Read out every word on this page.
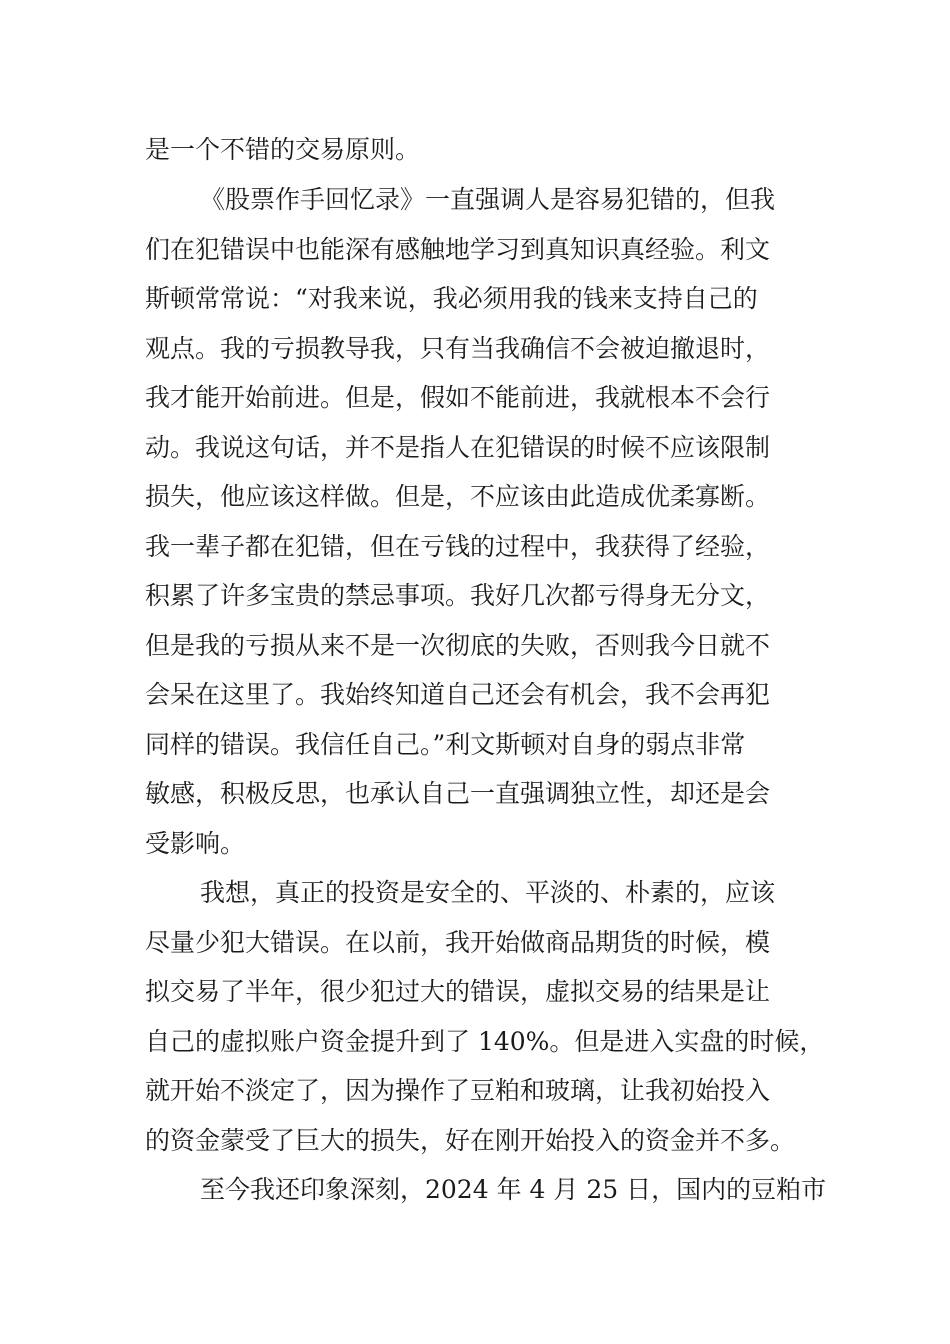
是一个不错的交易原则。
《股票作手回忆录》一直强调人是容易犯错的，但我
们在犯错误中也能深有感触地学习到真知识真经验。利文
斯顿常常说：“对我来说，我必须用我的钱来支持自己的
观点。我的亏损教导我，只有当我确信不会被迫撤退时，
我才能开始前进。但是，假如不能前进，我就根本不会行
动。我说这句话，并不是指人在犯错误的时候不应该限制
损失，他应该这样做。但是，不应该由此造成优柔寡断。
我一辈子都在犯错，但在亏钱的过程中，我获得了经验，
积累了许多宝贵的禁忌事项。我好几次都亏得身无分文，
但是我的亏损从来不是一次彻底的失败，否则我今日就不
会呆在这里了。我始终知道自己还会有机会，我不会再犯
同样的错误。我信任自己。”利文斯顿对自身的弱点非常
敏感，积极反思，也承认自己一直强调独立性，却还是会
受影响。
我想，真正的投资是安全的、平淡的、朴素的，应该
尽量少犯大错误。在以前，我开始做商品期货的时候，模
拟交易了半年，很少犯过大的错误，虚拟交易的结果是让
自己的虚拟账户资金提升到了 140%。但是进入实盘的时候，
就开始不淡定了，因为操作了豆粕和玻璃，让我初始投入
的资金蒙受了巨大的损失，好在刚开始投入的资金并不多。
至今我还印象深刻，2024 年 4 月 25 日，国内的豆粕市
